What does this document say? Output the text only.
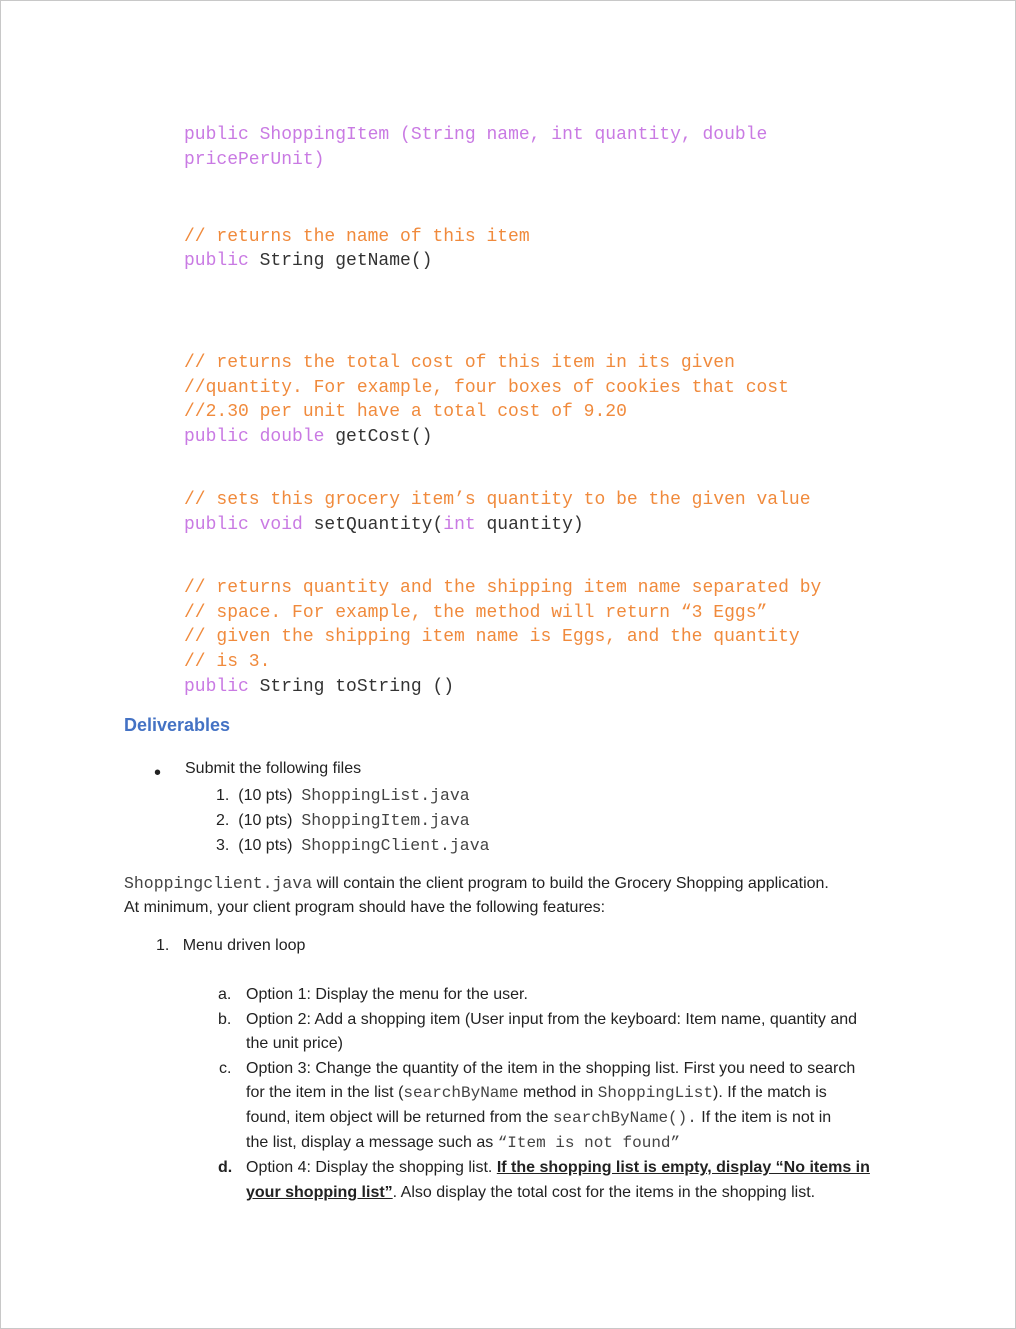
public ShoppingItem (String name, int quantity, double
pricePerUnit)
// returns the name of this item
public String getName()
// returns the total cost of this item in its given
//quantity. For example, four boxes of cookies that cost
//2.30 per unit have a total cost of 9.20
public double getCost()
// sets this grocery item’s quantity to be the given value
public void setQuantity(int quantity)
// returns quantity and the shipping item name separated by
// space. For example, the method will return “3 Eggs”
// given the shipping item name is Eggs, and the quantity
// is 3.
public String toString ()
Deliverables
• Submit the following files
1. (10 pts) ShoppingList.java
2. (10 pts) ShoppingItem.java
3. (10 pts) ShoppingClient.java
Shoppingclient.java will contain the client program to build the Grocery Shopping application.
At minimum, your client program should have the following features:
1. Menu driven loop
a. Option 1: Display the menu for the user.
b. Option 2: Add a shopping item (User input from the keyboard: Item name, quantity and
the unit price)
c. Option 3: Change the quantity of the item in the shopping list. First you need to search
for the item in the list (searchByName method in ShoppingList). If the match is
found, item object will be returned from the searchByName(). If the item is not in
the list, display a message such as “Item is not found”
d. Option 4: Display the shopping list. If the shopping list is empty, display “No items in
your shopping list”. Also display the total cost for the items in the shopping list.
